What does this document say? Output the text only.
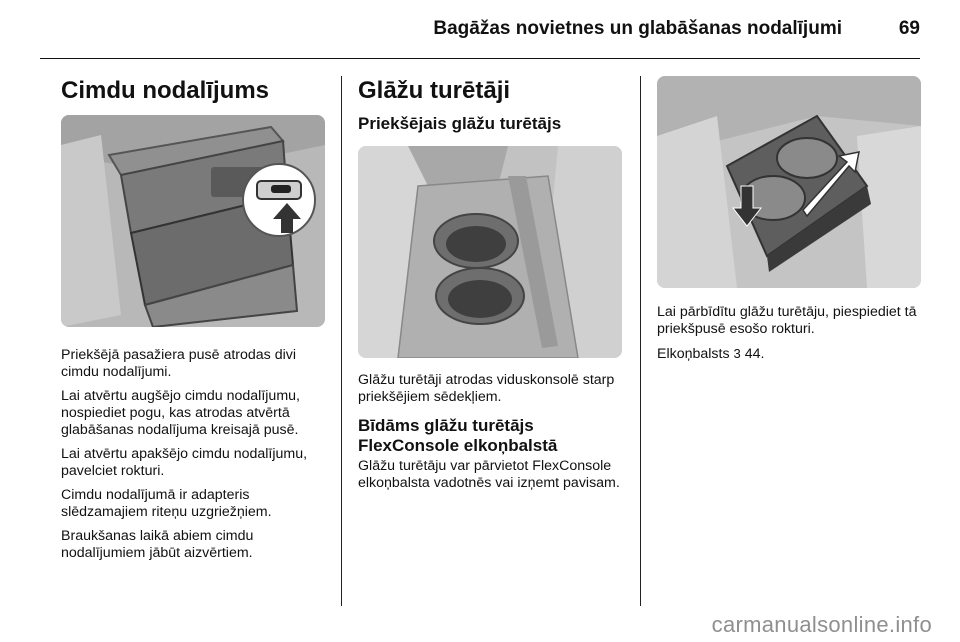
Bagāžas novietnes un glabāšanas nodalījumi	69
Cimdu nodalījums

Priekšējā pasažiera pusē atrodas divi cimdu nodalījumi.

Lai atvērtu augšējo cimdu nodalījumu, nospiediet pogu, kas atrodas atvērtā glabāšanas nodalījuma kreisajā pusē.

Lai atvērtu apakšējo cimdu nodalījumu, pavelciet rokturi.

Cimdu nodalījumā ir adapteris slēdzamajiem riteņu uzgriežņiem.

Braukšanas laikā abiem cimdu nodalījumiem jābūt aizvērtiem.

Glāžu turētāji
Priekšējais glāžu turētājs

Glāžu turētāji atrodas viduskonsolē starp priekšējiem sēdekļiem.

Bīdāms glāžu turētājs
FlexConsole elkoņbalstā

Glāžu turētāju var pārvietot FlexConsole elkoņbalsta vadotnēs vai izņemt pavisam.

Lai pārbīdītu glāžu turētāju, piespiediet tā priekšpusē esošo rokturi.

Elkoņbalsts 3 44.

carmanualsonline.info
